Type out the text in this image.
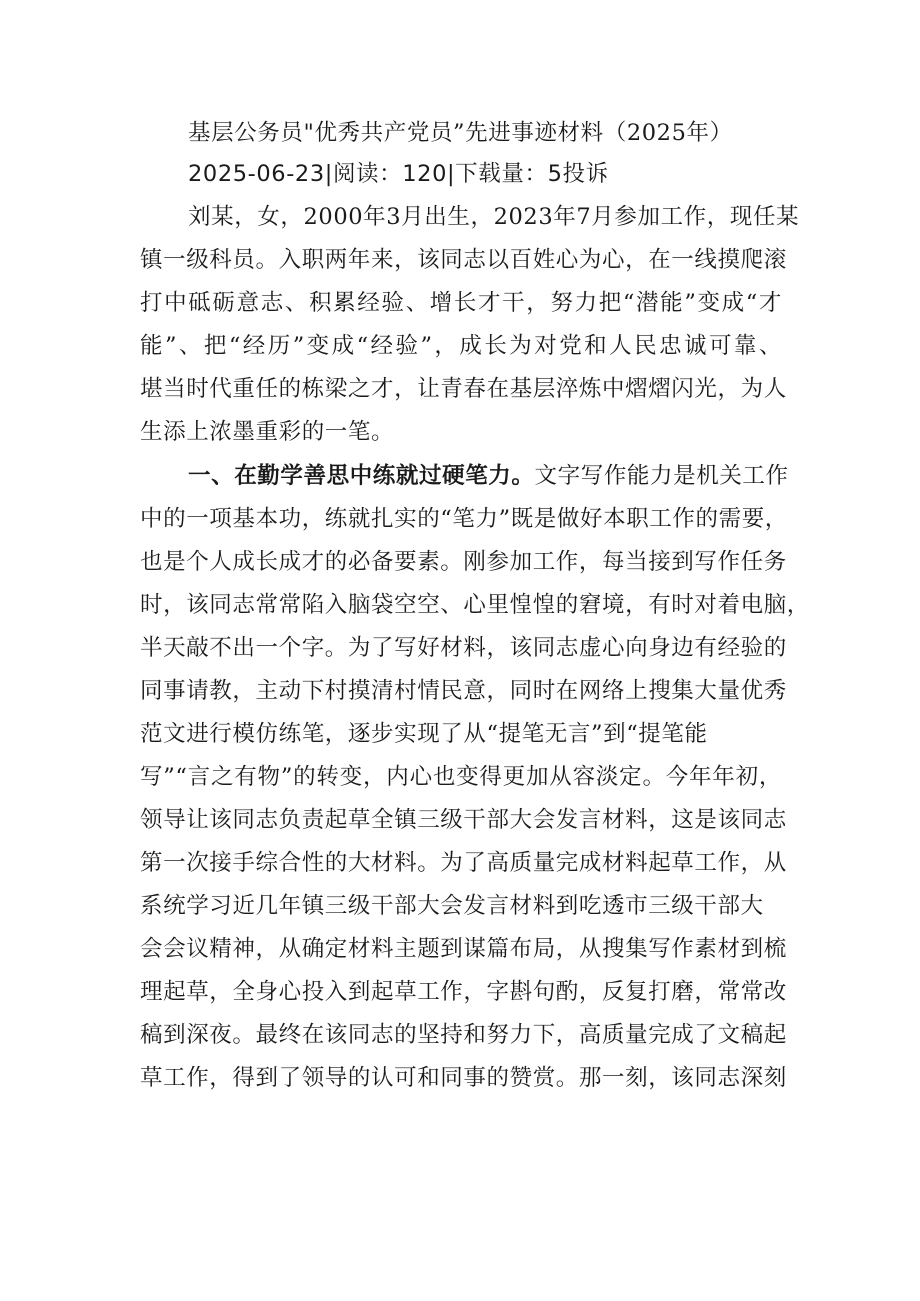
基层公务员"优秀共产党员”先进事迹材料（2025年）
2025-06-23|阅读：120|下载量：5投诉
刘某，女，2000年3月出生，2023年7月参加工作，现任某
镇一级科员。入职两年来，该同志以百姓心为心，在一线摸爬滚
打中砥砺意志、积累经验、增长才干，努力把“潜能”变成“才
能”、把“经历”变成“经验”，成长为对党和人民忠诚可靠、
堪当时代重任的栋梁之才，让青春在基层淬炼中熠熠闪光，为人
生添上浓墨重彩的一笔。
一、在勤学善思中练就过硬笔力。文字写作能力是机关工作
中的一项基本功，练就扎实的“笔力”既是做好本职工作的需要，
也是个人成长成才的必备要素。刚参加工作，每当接到写作任务
时，该同志常常陷入脑袋空空、心里惶惶的窘境，有时对着电脑，
半天敲不出一个字。为了写好材料，该同志虚心向身边有经验的
同事请教，主动下村摸清村情民意，同时在网络上搜集大量优秀
范文进行模仿练笔，逐步实现了从“提笔无言”到“提笔能
写”“言之有物”的转变，内心也变得更加从容淡定。今年年初，
领导让该同志负责起草全镇三级干部大会发言材料，这是该同志
第一次接手综合性的大材料。为了高质量完成材料起草工作，从
系统学习近几年镇三级干部大会发言材料到吃透市三级干部大
会会议精神，从确定材料主题到谋篇布局，从搜集写作素材到梳
理起草，全身心投入到起草工作，字斟句酌，反复打磨，常常改
稿到深夜。最终在该同志的坚持和努力下，高质量完成了文稿起
草工作，得到了领导的认可和同事的赞赏。那一刻，该同志深刻
